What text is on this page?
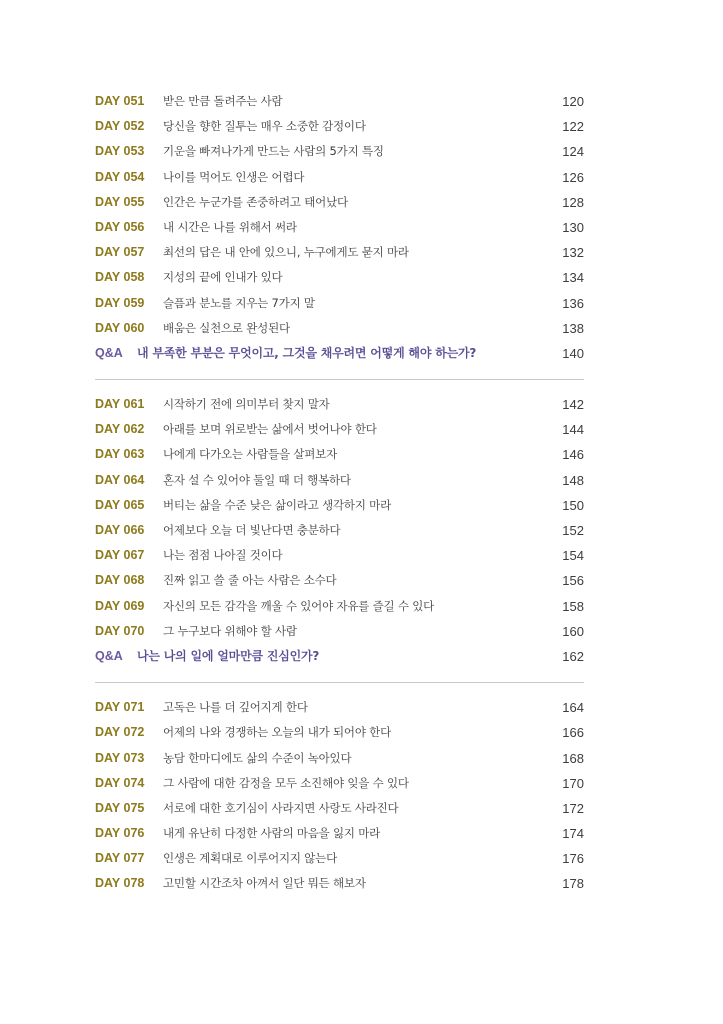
DAY 051 받은 만큼 돌려주는 사람	120
DAY 052 당신을 향한 질투는 매우 소중한 감정이다	122
DAY 053 기운을 빠져나가게 만드는 사람의 5가지 특징	124
DAY 054 나이를 먹어도 인생은 어렵다	126
DAY 055 인간은 누군가를 존중하려고 태어났다	128
DAY 056 내 시간은 나를 위해서 써라	130
DAY 057 최선의 답은 내 안에 있으니, 누구에게도 묻지 마라	132
DAY 058 지성의 끝에 인내가 있다	134
DAY 059 슬픔과 분노를 지우는 7가지 말	136
DAY 060 배움은 실천으로 완성된다	138
Q&A 내 부족한 부분은 무엇이고, 그것을 채우려면 어떻게 해야 하는가?	140
DAY 061 시작하기 전에 의미부터 찾지 말자	142
DAY 062 아래를 보며 위로받는 삶에서 벗어나야 한다	144
DAY 063 나에게 다가오는 사람들을 살펴보자	146
DAY 064 혼자 설 수 있어야 둘일 때 더 행복하다	148
DAY 065 버티는 삶을 수준 낮은 삶이라고 생각하지 마라	150
DAY 066 어제보다 오늘 더 빛난다면 충분하다	152
DAY 067 나는 점점 나아질 것이다	154
DAY 068 진짜 읽고 쓸 줄 아는 사람은 소수다	156
DAY 069 자신의 모든 감각을 깨울 수 있어야 자유를 즐길 수 있다	158
DAY 070 그 누구보다 위해야 할 사람	160
Q&A 나는 나의 일에 얼마만큼 진심인가?	162
DAY 071 고독은 나를 더 깊어지게 한다	164
DAY 072 어제의 나와 경쟁하는 오늘의 내가 되어야 한다	166
DAY 073 농담 한마디에도 삶의 수준이 녹아있다	168
DAY 074 그 사람에 대한 감정을 모두 소진해야 잊을 수 있다	170
DAY 075 서로에 대한 호기심이 사라지면 사랑도 사라진다	172
DAY 076 내게 유난히 다정한 사람의 마음을 잃지 마라	174
DAY 077 인생은 계획대로 이루어지지 않는다	176
DAY 078 고민할 시간조차 아껴서 일단 뭐든 해보자	178
